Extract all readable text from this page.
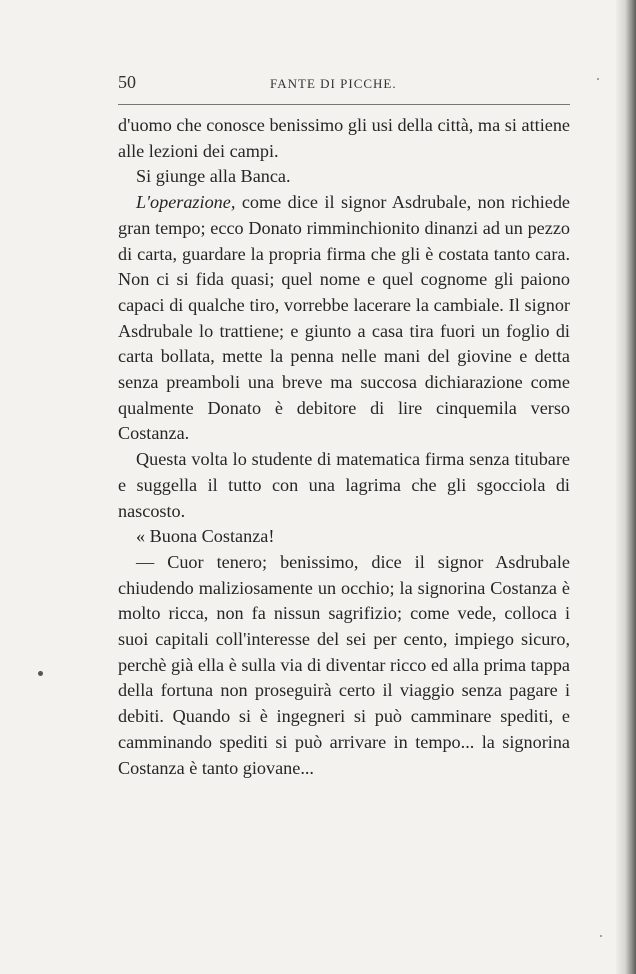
50	FANTE DI PICCHE.

d'uomo che conosce benissimo gli usi della città, ma si attiene alle lezioni dei campi.

Si giunge alla Banca.

L'operazione, come dice il signor Asdrubale, non richiede gran tempo; ecco Donato rimminchionito dinanzi ad un pezzo di carta, guardare la propria firma che gli è costata tanto cara. Non ci si fida quasi; quel nome e quel cognome gli paiono capaci di qualche tiro, vorrebbe lacerare la cambiale. Il signor Asdrubale lo trattiene; e giunto a casa tira fuori un foglio di carta bollata, mette la penna nelle mani del giovine e detta senza preamboli una breve ma succosa dichiarazione come qualmente Donato è debitore di lire cinquemila verso Costanza.

Questa volta lo studente di matematica firma senza titubare e suggella il tutto con una lagrima che gli sgocciola di nascosto.

« Buona Costanza!

— Cuor tenero; benissimo, dice il signor Asdrubale chiudendo maliziosamente un occhio; la signorina Costanza è molto ricca, non fa nissun sagrifizio; come vede, colloca i suoi capitali coll'interesse del sei per cento, impiego sicuro, perchè già ella è sulla via di diventar ricco ed alla prima tappa della fortuna non proseguirà certo il viaggio senza pagare i debiti. Quando si è ingegneri si può camminare spediti, e camminando spediti si può arrivare in tempo... la signorina Costanza è tanto giovane...
